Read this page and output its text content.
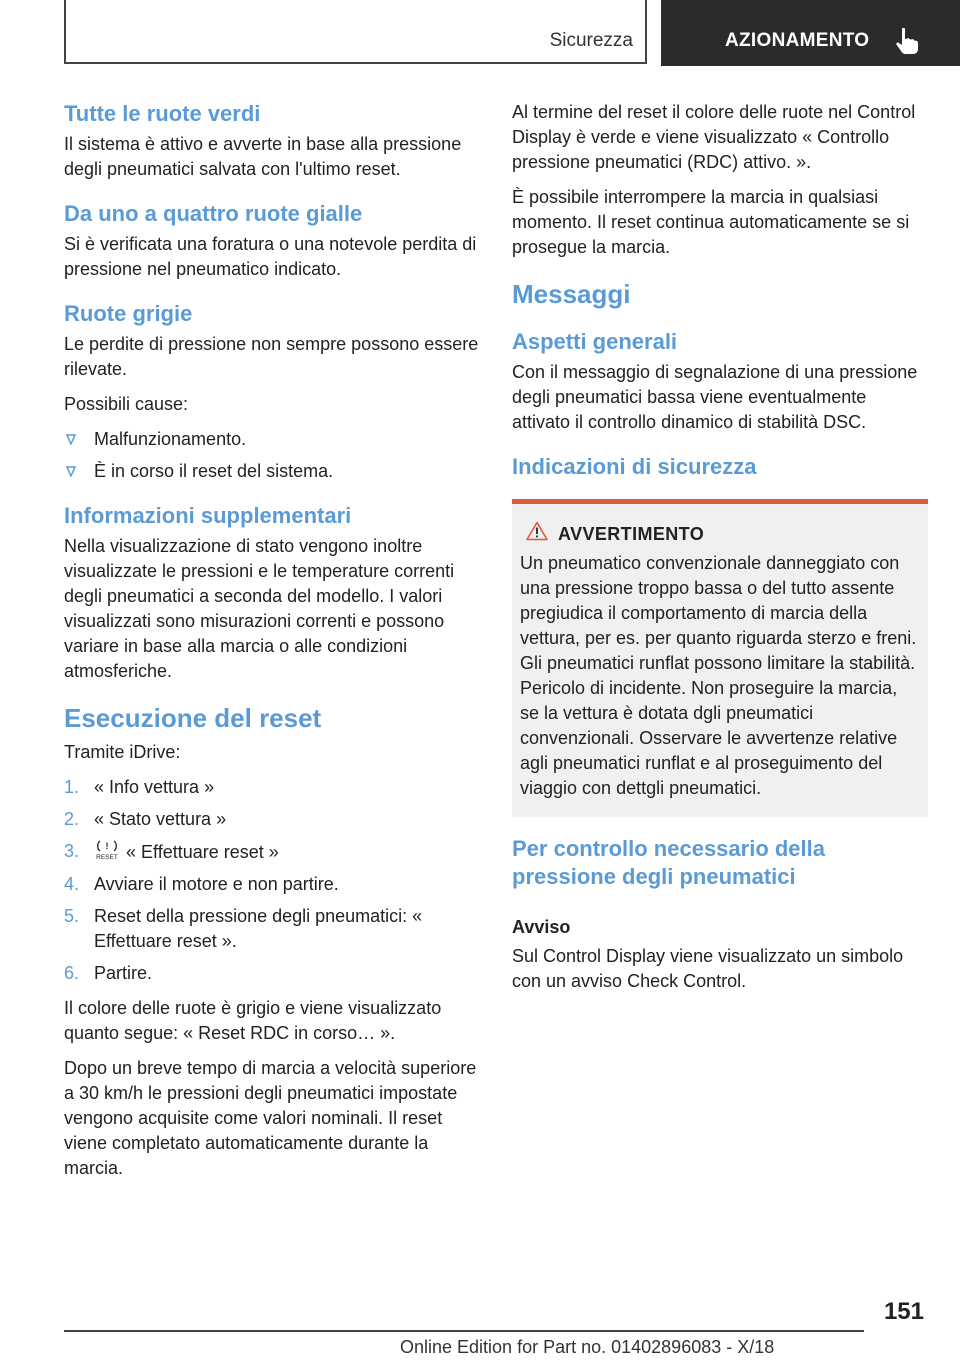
Sicurezza	AZIONAMENTO
Tutte le ruote verdi

Il sistema è attivo e avverte in base alla pressione degli pneumatici salvata con l'ultimo reset.

Da uno a quattro ruote gialle

Si è verificata una foratura o una notevole perdita di pressione nel pneumatico indicato.

Ruote grigie

Le perdite di pressione non sempre possono essere rilevate.

Possibili cause:

Malfunzionamento.
È in corso il reset del sistema.
Informazioni supplementari

Nella visualizzazione di stato vengono inoltre visualizzate le pressioni e le temperature correnti degli pneumatici a seconda del modello. I valori visualizzati sono misurazioni correnti e possono variare in base alla marcia o alle condizioni atmosferiche.

Esecuzione del reset

Tramite iDrive:

1. « Info vettura »
2. « Stato vettura »
3.	!
RESET « Effettuare reset »
4. Avviare il motore e non partire.
5. Reset della pressione degli pneumatici: « Effettuare reset ».
6. Partire.

Il colore delle ruote è grigio e viene visualizzato quanto segue: « Reset RDC in corso… ».

Dopo un breve tempo di marcia a velocità superiore a 30 km/h le pressioni degli pneumatici impostate vengono acquisite come valori nominali. Il reset viene completato automaticamente durante la marcia.

Al termine del reset il colore delle ruote nel Control Display è verde e viene visualizzato « Controllo pressione pneumatici (RDC) attivo. ».

È possibile interrompere la marcia in qualsiasi momento. Il reset continua automaticamente se si prosegue la marcia.

Messaggi
Aspetti generali

Con il messaggio di segnalazione di una pressione degli pneumatici bassa viene eventualmente attivato il controllo dinamico di stabilità DSC.

Indicazioni di sicurezza
AVVERTIMENTO

Un pneumatico convenzionale danneggiato con una pressione troppo bassa o del tutto assente pregiudica il comportamento di marcia della vettura, per es. per quanto riguarda sterzo e freni. Gli pneumatici runflat possono limitare la stabilità. Pericolo di incidente. Non proseguire la marcia, se la vettura è dotata dgli pneumatici convenzionali. Osservare le avvertenze relative agli pneumatici runflat e al proseguimento del viaggio con dettgli pneumatici.

Per controllo necessario della pressione degli pneumatici
Avviso

Sul Control Display viene visualizzato un simbolo con un avviso Check Control.

151
Online Edition for Part no. 01402896083 - X/18
